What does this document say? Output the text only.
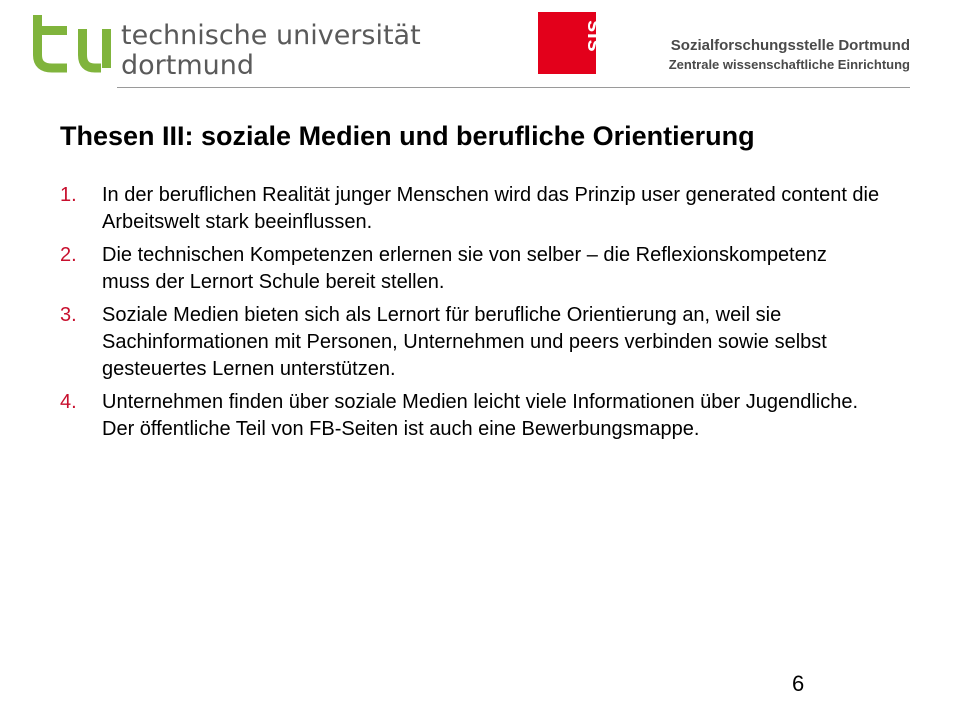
technische universität
dortmund
sfs	Sozialforschungsstelle Dortmund
Zentrale wissenschaftliche Einrichtung
Thesen III: soziale Medien und berufliche Orientierung
1. In der beruflichen Realität junger Menschen wird das Prinzip user generated content die Arbeitswelt stark beeinflussen.
2. Die technischen Kompetenzen erlernen sie von selber – die Reflexionskompetenz muss der Lernort Schule bereit stellen.
3. Soziale Medien bieten sich als Lernort für berufliche Orientierung an, weil sie Sachinformationen mit Personen, Unternehmen und peers verbinden sowie selbst gesteuertes Lernen unterstützen.
4. Unternehmen finden über soziale Medien leicht viele Informationen über Jugendliche. Der öffentliche Teil von FB-Seiten ist auch eine Bewerbungsmappe.
6
